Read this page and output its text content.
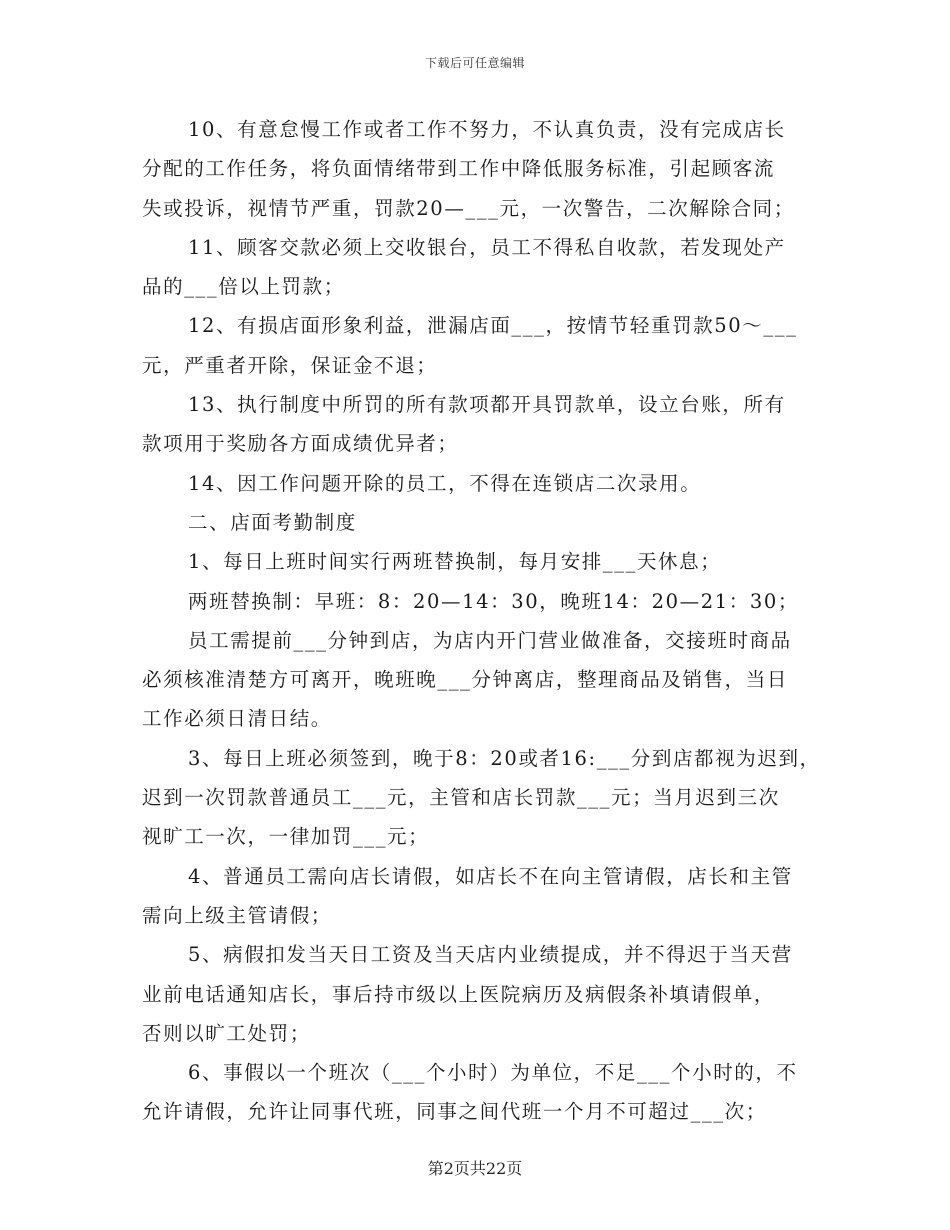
下载后可任意编辑
10、有意怠慢工作或者工作不努力，不认真负责，没有完成店长
分配的工作任务，将负面情绪带到工作中降低服务标准，引起顾客流
失或投诉，视情节严重，罚款20—___元，一次警告，二次解除合同；
11、顾客交款必须上交收银台，员工不得私自收款，若发现处产
品的___倍以上罚款；
12、有损店面形象利益，泄漏店面___，按情节轻重罚款50～___
元，严重者开除，保证金不退；
13、执行制度中所罚的所有款项都开具罚款单，设立台账，所有
款项用于奖励各方面成绩优异者；
14、因工作问题开除的员工，不得在连锁店二次录用。
二、店面考勤制度
1、每日上班时间实行两班替换制，每月安排___天休息；
两班替换制：早班：8：20—14：30，晚班14：20—21：30；
员工需提前___分钟到店，为店内开门营业做准备，交接班时商品
必须核准清楚方可离开，晚班晚___分钟离店，整理商品及销售，当日
工作必须日清日结。
3、每日上班必须签到，晚于8：20或者16:___分到店都视为迟到，
迟到一次罚款普通员工___元，主管和店长罚款___元；当月迟到三次
视旷工一次，一律加罚___元；
4、普通员工需向店长请假，如店长不在向主管请假，店长和主管
需向上级主管请假；
5、病假扣发当天日工资及当天店内业绩提成，并不得迟于当天营
业前电话通知店长，事后持市级以上医院病历及病假条补填请假单，
否则以旷工处罚；
6、事假以一个班次（___个小时）为单位，不足___个小时的，不
允许请假，允许让同事代班，同事之间代班一个月不可超过___次；
第2页共22页
